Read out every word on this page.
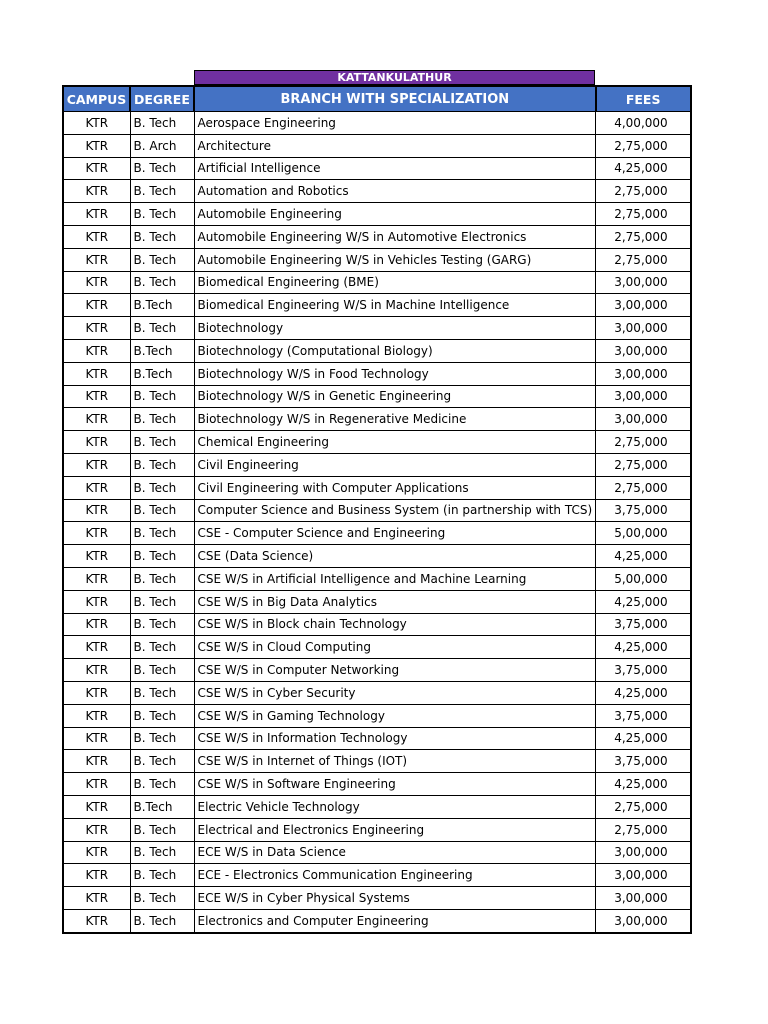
KATTANKULATHUR
CAMPUS	DEGREE	BRANCH WITH SPECIALIZATION	FEES
KTR	B. Tech	Aerospace Engineering	4,00,000
KTR	B. Arch	Architecture	2,75,000
KTR	B. Tech	Artificial Intelligence	4,25,000
KTR	B. Tech	Automation and Robotics	2,75,000
KTR	B. Tech	Automobile Engineering	2,75,000
KTR	B. Tech	Automobile Engineering W/S in Automotive Electronics	2,75,000
KTR	B. Tech	Automobile Engineering W/S in Vehicles Testing (GARG)	2,75,000
KTR	B. Tech	Biomedical Engineering (BME)	3,00,000
KTR	B.Tech	Biomedical Engineering W/S in Machine Intelligence	3,00,000
KTR	B. Tech	Biotechnology	3,00,000
KTR	B.Tech	Biotechnology (Computational Biology)	3,00,000
KTR	B.Tech	Biotechnology W/S in Food Technology	3,00,000
KTR	B. Tech	Biotechnology W/S in Genetic Engineering	3,00,000
KTR	B. Tech	Biotechnology W/S in Regenerative Medicine	3,00,000
KTR	B. Tech	Chemical Engineering	2,75,000
KTR	B. Tech	Civil Engineering	2,75,000
KTR	B. Tech	Civil Engineering with Computer Applications	2,75,000
KTR	B. Tech	Computer Science and Business System (in partnership with TCS)	3,75,000
KTR	B. Tech	CSE - Computer Science and Engineering	5,00,000
KTR	B. Tech	CSE (Data Science)	4,25,000
KTR	B. Tech	CSE W/S in Artificial Intelligence and Machine Learning	5,00,000
KTR	B. Tech	CSE W/S in Big Data Analytics	4,25,000
KTR	B. Tech	CSE W/S in Block chain Technology	3,75,000
KTR	B. Tech	CSE W/S in Cloud Computing	4,25,000
KTR	B. Tech	CSE W/S in Computer Networking	3,75,000
KTR	B. Tech	CSE W/S in Cyber Security	4,25,000
KTR	B. Tech	CSE W/S in Gaming Technology	3,75,000
KTR	B. Tech	CSE W/S in Information Technology	4,25,000
KTR	B. Tech	CSE W/S in Internet of Things (IOT)	3,75,000
KTR	B. Tech	CSE W/S in Software Engineering	4,25,000
KTR	B.Tech	Electric Vehicle Technology	2,75,000
KTR	B. Tech	Electrical and Electronics Engineering	2,75,000
KTR	B. Tech	ECE W/S in Data Science	3,00,000
KTR	B. Tech	ECE - Electronics Communication Engineering	3,00,000
KTR	B. Tech	ECE W/S in Cyber Physical Systems	3,00,000
KTR	B. Tech	Electronics and Computer Engineering	3,00,000
